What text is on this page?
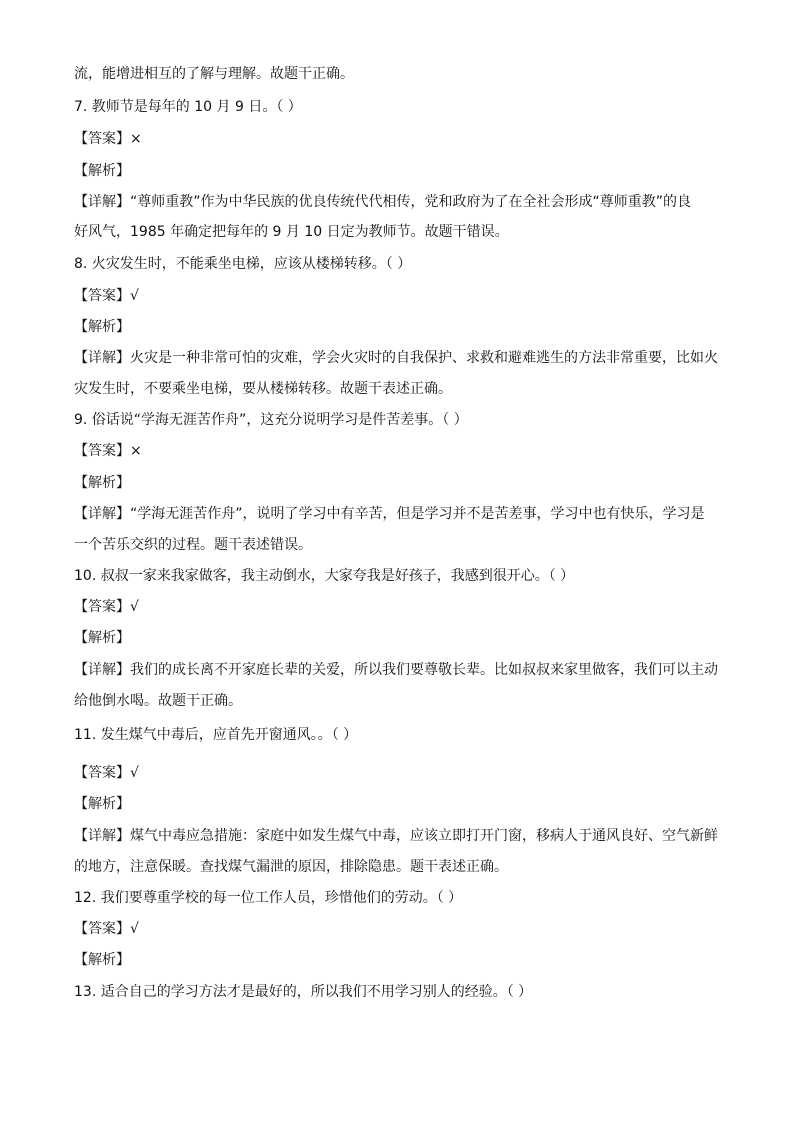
流，能增进相互的了解与理解。故题干正确。
7. 教师节是每年的 10 月 9 日。（ ）
【答案】×
【解析】
【详解】“尊师重教”作为中华民族的优良传统代代相传，党和政府为了在全社会形成“尊师重教”的良
好风气，1985 年确定把每年的 9 月 10 日定为教师节。故题干错误。
8. 火灾发生时，不能乘坐电梯，应该从楼梯转移。（ ）
【答案】√
【解析】
【详解】火灾是一种非常可怕的灾难，学会火灾时的自我保护、求救和避难逃生的方法非常重要，比如火
灾发生时，不要乘坐电梯，要从楼梯转移。故题干表述正确。
9. 俗话说“学海无涯苦作舟”，这充分说明学习是件苦差事。（ ）
【答案】×
【解析】
【详解】“学海无涯苦作舟”，说明了学习中有辛苦，但是学习并不是苦差事，学习中也有快乐，学习是
一个苦乐交织的过程。题干表述错误。
10. 叔叔一家来我家做客，我主动倒水，大家夸我是好孩子，我感到很开心。（ ）
【答案】√
【解析】
【详解】我们的成长离不开家庭长辈的关爱，所以我们要尊敬长辈。比如叔叔来家里做客，我们可以主动
给他倒水喝。故题干正确。
11. 发生煤气中毒后，应首先开窗通风。。（ ）
【答案】√
【解析】
【详解】煤气中毒应急措施：家庭中如发生煤气中毒，应该立即打开门窗，移病人于通风良好、空气新鲜
的地方，注意保暖。查找煤气漏泄的原因，排除隐患。题干表述正确。
12. 我们要尊重学校的每一位工作人员，珍惜他们的劳动。（ ）
【答案】√
【解析】
13. 适合自己的学习方法才是最好的，所以我们不用学习别人的经验。（ ）
